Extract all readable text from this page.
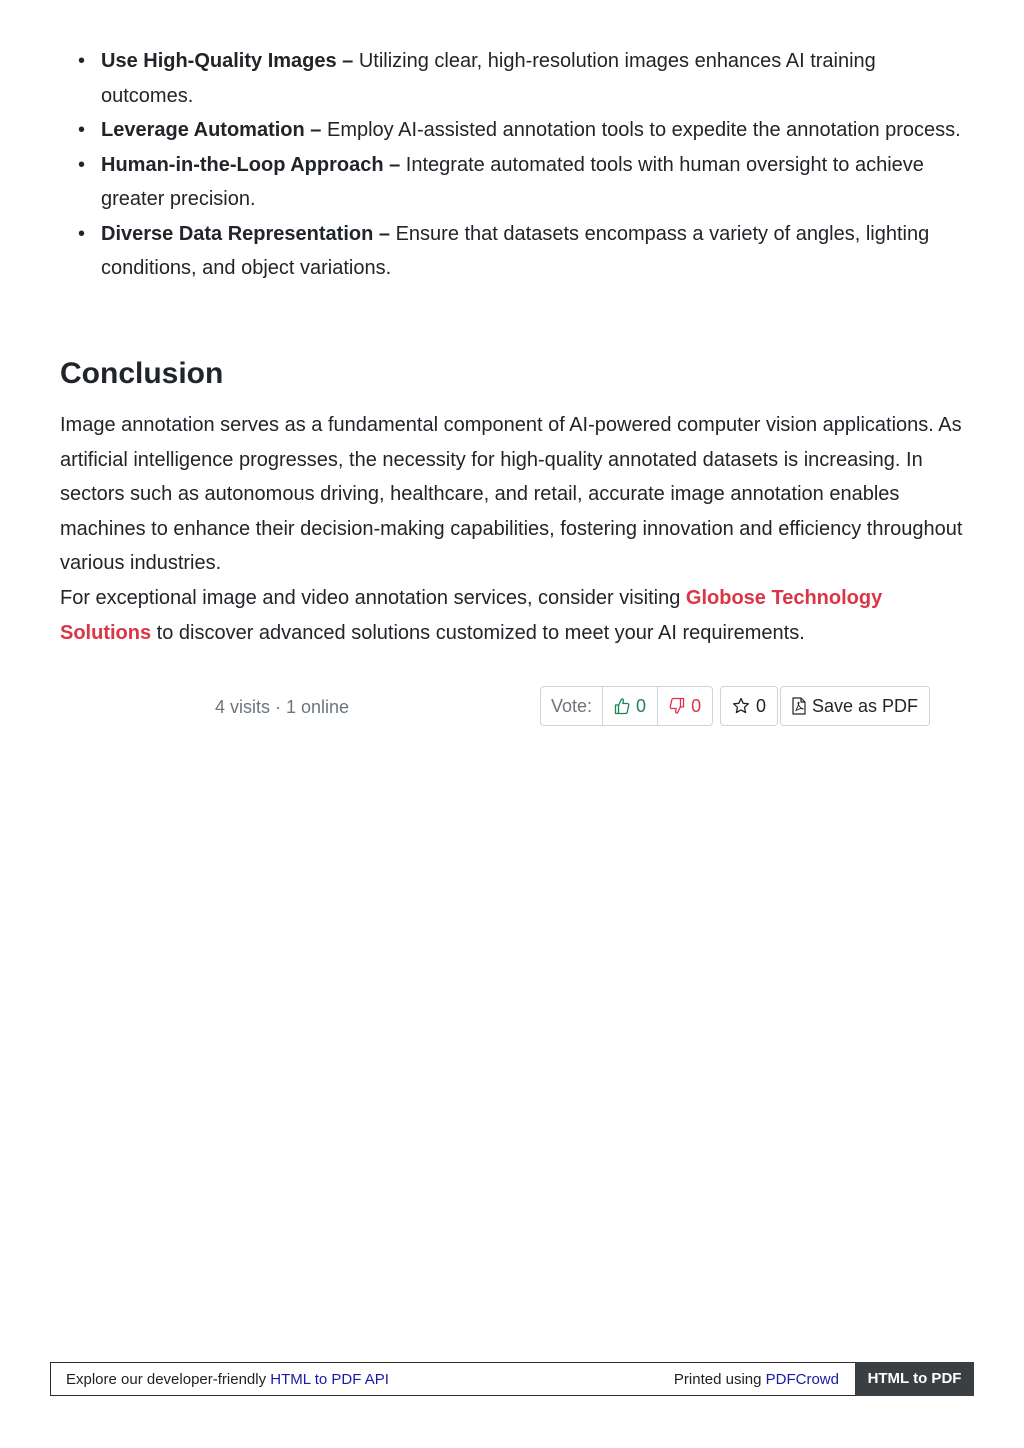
• Use High-Quality Images – Utilizing clear, high-resolution images enhances AI training outcomes.
• Leverage Automation – Employ AI-assisted annotation tools to expedite the annotation process.
• Human-in-the-Loop Approach – Integrate automated tools with human oversight to achieve greater precision.
• Diverse Data Representation – Ensure that datasets encompass a variety of angles, lighting conditions, and object variations.
Conclusion

Image annotation serves as a fundamental component of AI-powered computer vision applications. As artificial intelligence progresses, the necessity for high-quality annotated datasets is increasing. In sectors such as autonomous driving, healthcare, and retail, accurate image annotation enables machines to enhance their decision-making capabilities, fostering innovation and efficiency throughout various industries.

For exceptional image and video annotation services, consider visiting Globose Technology Solutions to discover advanced solutions customized to meet your AI requirements.

4 visits · 1 online	Vote:	0	0	0	Save as PDF
Explore our developer-friendly HTML to PDF API	Printed using PDFCrowd	HTML to PDF
